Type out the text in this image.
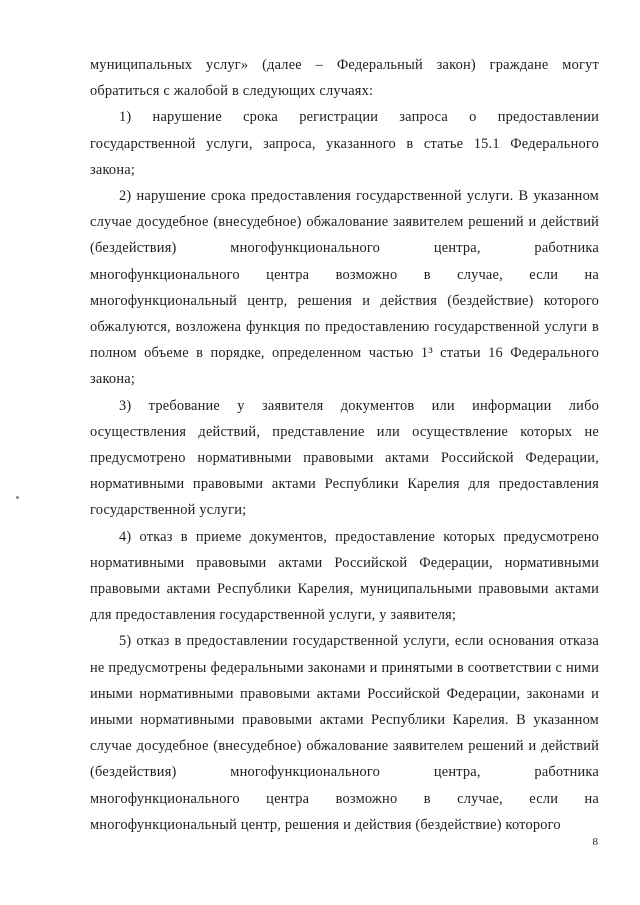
муниципальных услуг» (далее – Федеральный закон) граждане могут обратиться с жалобой в следующих случаях:

1) нарушение срока регистрации запроса о предоставлении государственной услуги, запроса, указанного в статье 15.1 Федерального закона;

2) нарушение срока предоставления государственной услуги. В указанном случае досудебное (внесудебное) обжалование заявителем решений и действий (бездействия) многофункционального центра, работника многофункционального центра возможно в случае, если на многофункциональный центр, решения и действия (бездействие) которого обжалуются, возложена функция по предоставлению государственной услуги в полном объеме в порядке, определенном частью 1³ статьи 16 Федерального закона;

3) требование у заявителя документов или информации либо осуществления действий, представление или осуществление которых не предусмотрено нормативными правовыми актами Российской Федерации, нормативными правовыми актами Республики Карелия для предоставления государственной услуги;

4) отказ в приеме документов, предоставление которых предусмотрено нормативными правовыми актами Российской Федерации, нормативными правовыми актами Республики Карелия, муниципальными правовыми актами для предоставления государственной услуги, у заявителя;

5) отказ в предоставлении государственной услуги, если основания отказа не предусмотрены федеральными законами и принятыми в соответствии с ними иными нормативными правовыми актами Российской Федерации, законами и иными нормативными правовыми актами Республики Карелия. В указанном случае досудебное (внесудебное) обжалование заявителем решений и действий (бездействия) многофункционального центра, работника многофункционального центра возможно в случае, если на многофункциональный центр, решения и действия (бездействие) которого

8
